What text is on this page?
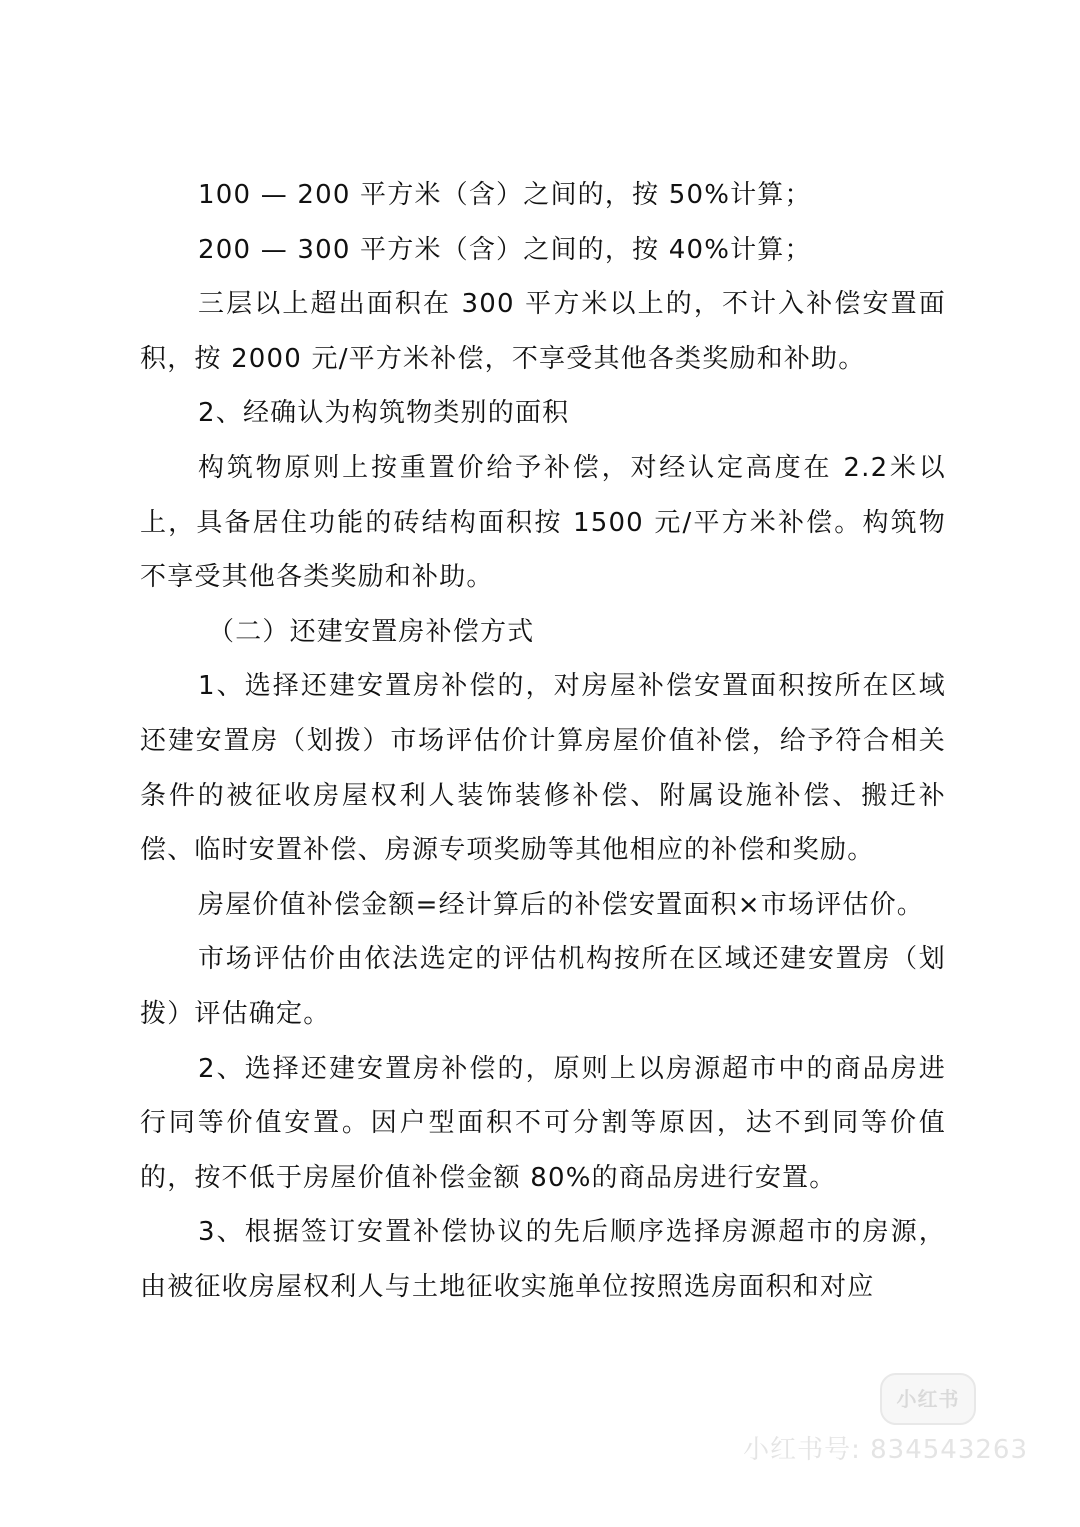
100 — 200 平方米（含）之间的，按 50%计算；

200 — 300 平方米（含）之间的，按 40%计算；

三层以上超出面积在 300 平方米以上的，不计入补偿安置面积，按 2000 元/平方米补偿，不享受其他各类奖励和补助。

2、经确认为构筑物类别的面积

构筑物原则上按重置价给予补偿，对经认定高度在 2.2米以上，具备居住功能的砖结构面积按 1500 元/平方米补偿。构筑物不享受其他各类奖励和补助。

（二）还建安置房补偿方式

1、选择还建安置房补偿的，对房屋补偿安置面积按所在区域还建安置房（划拨）市场评估价计算房屋价值补偿，给予符合相关条件的被征收房屋权利人装饰装修补偿、附属设施补偿、搬迁补偿、临时安置补偿、房源专项奖励等其他相应的补偿和奖励。

房屋价值补偿金额=经计算后的补偿安置面积×市场评估价。

市场评估价由依法选定的评估机构按所在区域还建安置房（划拨）评估确定。

2、选择还建安置房补偿的，原则上以房源超市中的商品房进行同等价值安置。因户型面积不可分割等原因，达不到同等价值的，按不低于房屋价值补偿金额 80%的商品房进行安置。

3、根据签订安置补偿协议的先后顺序选择房源超市的房源，由被征收房屋权利人与土地征收实施单位按照选房面积和对应

小红书
小红书号: 834543263
